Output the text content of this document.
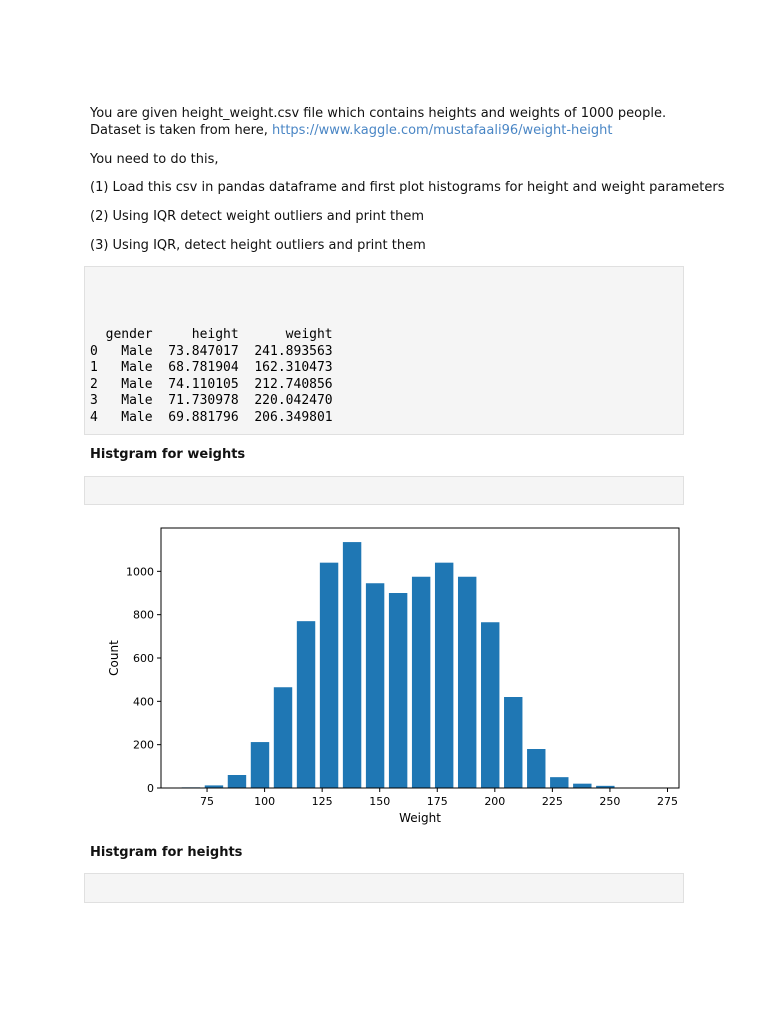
You are given height_weight.csv file which contains heights and weights of 1000 people.
Dataset is taken from here, https://www.kaggle.com/mustafaali96/weight-height
You need to do this,
(1) Load this csv in pandas dataframe and first plot histograms for height and weight parameters
(2) Using IQR detect weight outliers and print them
(3) Using IQR, detect height outliers and print them
gender     height      weight
0   Male  73.847017  241.893563
1   Male  68.781904  162.310473
2   Male  74.110105  212.740856
3   Male  71.730978  220.042470
4   Male  69.881796  206.349801
Histgram for weights
75	100	125	150	175	200	225	250	275
0
200
400
600
800
1000
Weight
Count
Histgram for heights
